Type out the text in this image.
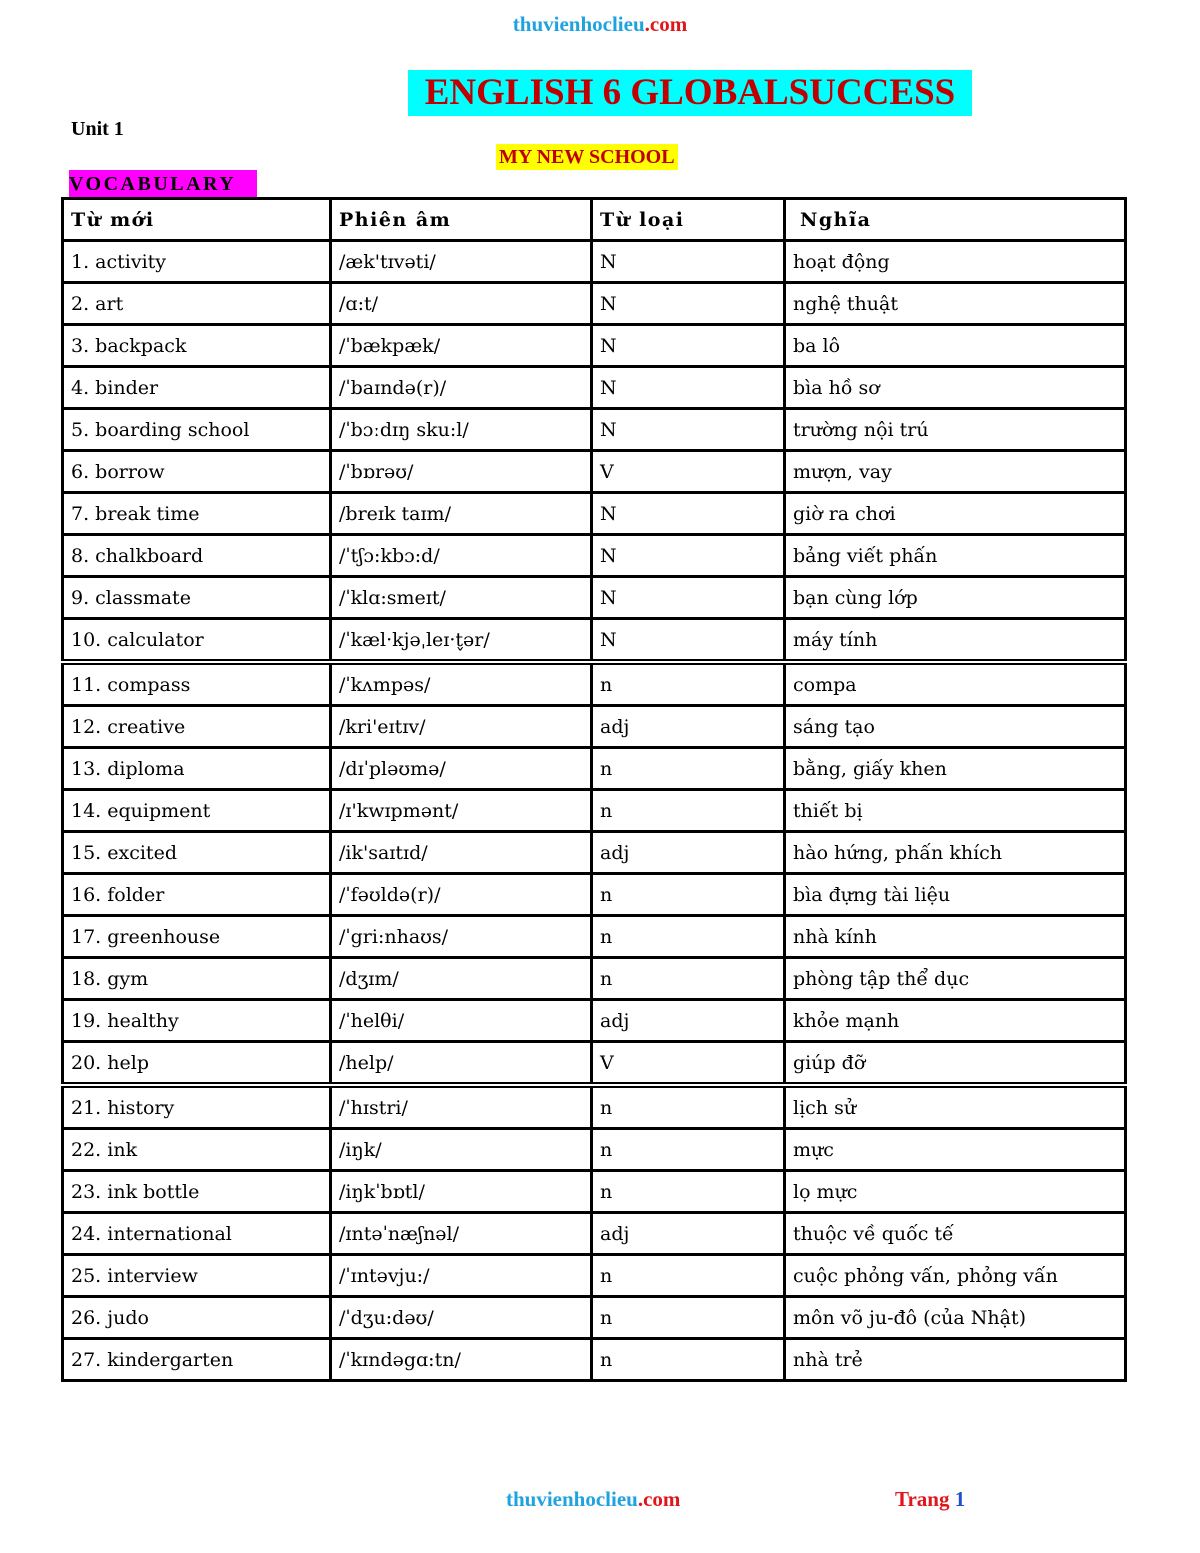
thuvienhoclieu.com
ENGLISH 6 GLOBALSUCCESS
Unit 1
MY NEW SCHOOL
VOCABULARY
Từ mới	Phiên âm	Từ loại	Nghĩa
1. activity	/æk'tɪvəti/	N	hoạt động
2. art	/ɑ:t/	N	nghệ thuật
3. backpack	/ˈbækpæk/	N	ba lô
4. binder	/ˈbaɪndə(r)/	N	bìa hồ sơ
5. boarding school	/ˈbɔːdɪŋ sku:l/	N	trường nội trú
6. borrow	/ˈbɒrəʊ/	V	mượn, vay
7. break time	/breɪk taɪm/	N	giờ ra chơi
8. chalkboard	/ˈtʃɔ:kbɔ:d/	N	bảng viết phấn
9. classmate	/ˈklɑ:smeɪt/	N	bạn cùng lớp
10. calculator	/ˈkæl·kjəˌleɪ·t̬ər/	N	máy tính
11. compass	/ˈkʌmpəs/	n	compa
12. creative	/kri'eɪtɪv/	adj	sáng tạo
13. diploma	/dɪˈpləʊmə/	n	bằng, giấy khen
14. equipment	/ɪ'kwɪpmənt/	n	thiết bị
15. excited	/ik'saɪtɪd/	adj	hào hứng, phấn khích
16. folder	/ˈfəʊldə(r)/	n	bìa đựng tài liệu
17. greenhouse	/ˈgri:nhaʊs/	n	nhà kính
18. gym	/dʒɪm/	n	phòng tập thể dục
19. healthy	/ˈhelθi/	adj	khỏe mạnh
20. help	/help/	V	giúp đỡ
21. history	/ˈhɪstri/	n	lịch sử
22. ink	/iŋk/	n	mực
23. ink bottle	/iŋkˈbɒtl/	n	lọ mực
24. international	/ɪntəˈnæʃnəl/	adj	thuộc về quốc tế
25. interview	/ˈɪntəvju:/	n	cuộc phỏng vấn, phỏng vấn
26. judo	/ˈdʒu:dəʊ/	n	môn võ ju-đô (của Nhật)
27. kindergarten	/ˈkɪndəgɑ:tn/	n	nhà trẻ
thuvienhoclieu.com	Trang 1
